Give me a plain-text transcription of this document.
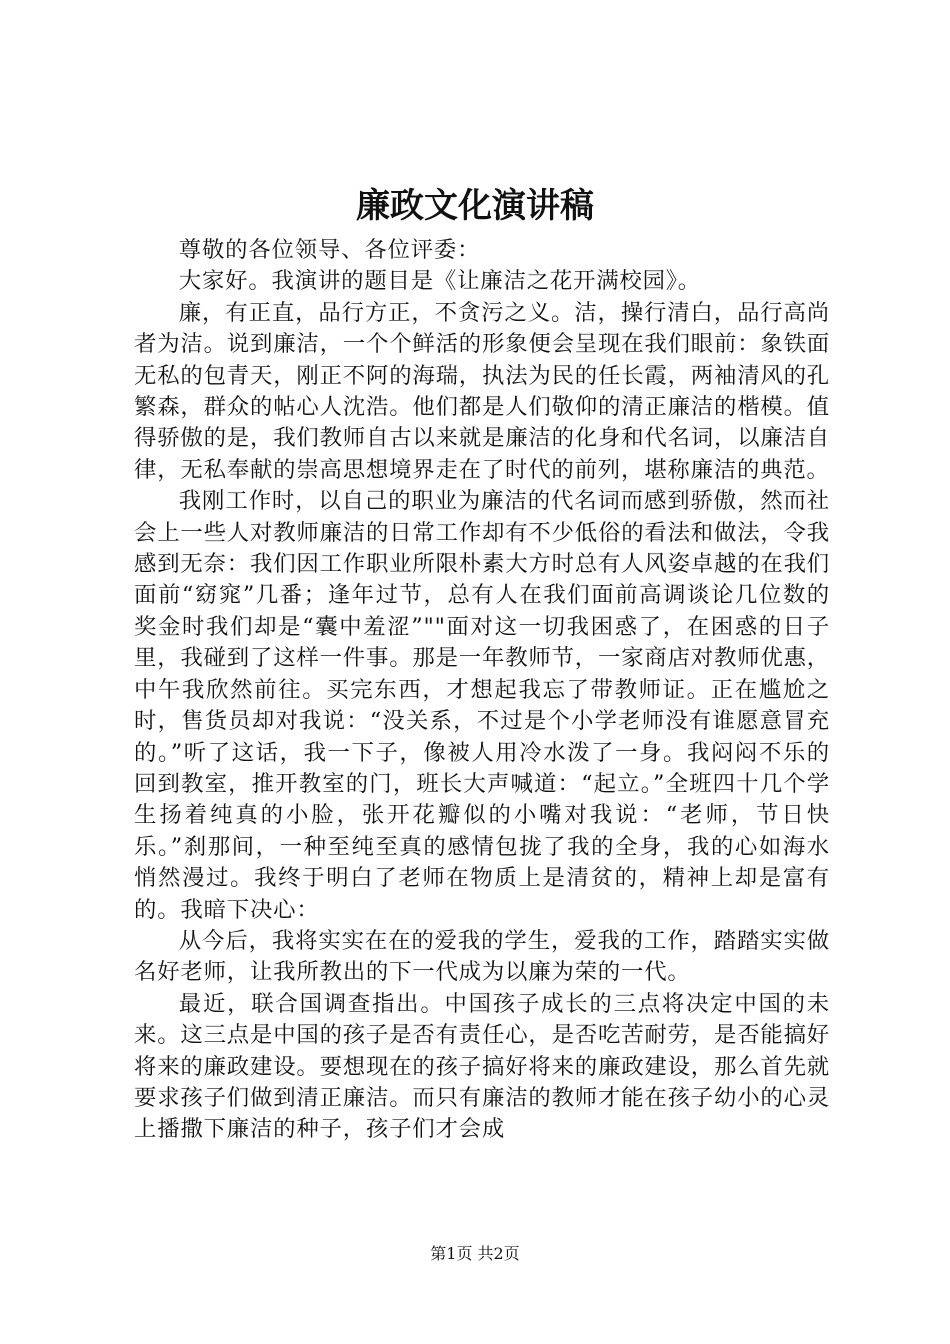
廉政文化演讲稿

尊敬的各位领导、各位评委：

大家好。我演讲的题目是《让廉洁之花开满校园》。

廉，有正直，品行方正，不贪污之义。洁，操行清白，品行高尚者为洁。说到廉洁，一个个鲜活的形象便会呈现在我们眼前：象铁面无私的包青天，刚正不阿的海瑞，执法为民的任长霞，两袖清风的孔繁森，群众的帖心人沈浩。他们都是人们敬仰的清正廉洁的楷模。值得骄傲的是，我们教师自古以来就是廉洁的化身和代名词，以廉洁自律，无私奉献的崇高思想境界走在了时代的前列，堪称廉洁的典范。

我刚工作时，以自己的职业为廉洁的代名词而感到骄傲，然而社会上一些人对教师廉洁的日常工作却有不少低俗的看法和做法，令我感到无奈：我们因工作职业所限朴素大方时总有人风姿卓越的在我们面前“窈窕”几番；逢年过节，总有人在我们面前高调谈论几位数的奖金时我们却是“囊中羞涩”""面对这一切我困惑了，在困惑的日子里，我碰到了这样一件事。那是一年教师节，一家商店对教师优惠，中午我欣然前往。买完东西，才想起我忘了带教师证。正在尴尬之时，售货员却对我说：“没关系，不过是个小学老师没有谁愿意冒充的。”听了这话，我一下子，像被人用冷水泼了一身。我闷闷不乐的回到教室，推开教室的门，班长大声喊道：“起立。”全班四十几个学生扬着纯真的小脸，张开花瓣似的小嘴对我说：“老师，节日快乐。”刹那间，一种至纯至真的感情包拢了我的全身，我的心如海水悄然漫过。我终于明白了老师在物质上是清贫的，精神上却是富有的。我暗下决心：

从今后，我将实实在在的爱我的学生，爱我的工作，踏踏实实做名好老师，让我所教出的下一代成为以廉为荣的一代。

最近，联合国调查指出。中国孩子成长的三点将决定中国的未来。这三点是中国的孩子是否有责任心，是否吃苦耐劳，是否能搞好将来的廉政建设。要想现在的孩子搞好将来的廉政建设，那么首先就要求孩子们做到清正廉洁。而只有廉洁的教师才能在孩子幼小的心灵上播撒下廉洁的种子，孩子们才会成

第1页 共2页
